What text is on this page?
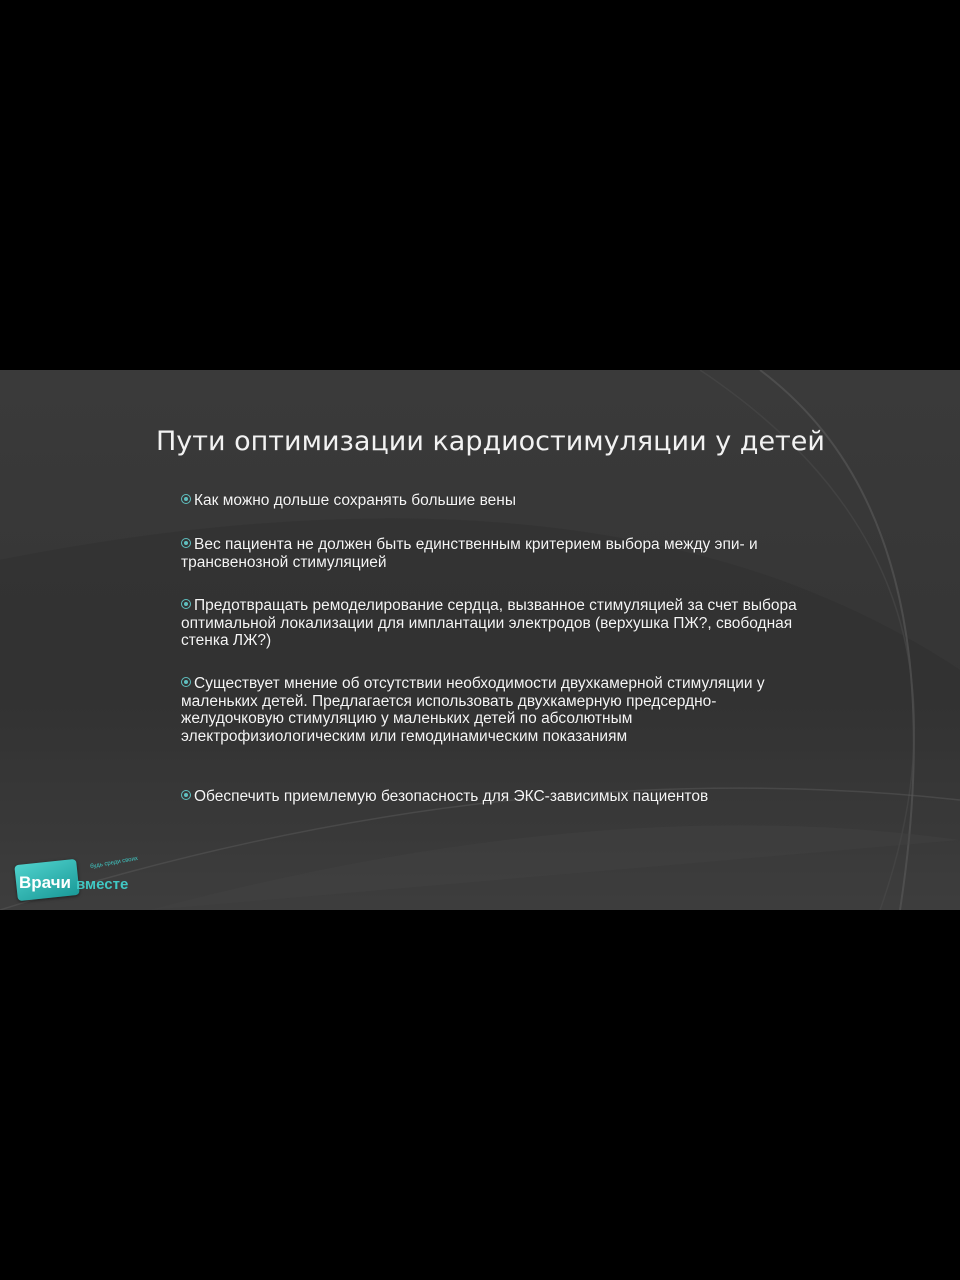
Пути оптимизации кардиостимуляции у детей
Как можно дольше сохранять большие вены
Вес пациента не должен быть единственным критерием выбора между эпи- и трансвенозной стимуляцией
Предотвращать ремоделирование сердца, вызванное стимуляцией за счет выбора оптимальной локализации для имплантации электродов (верхушка ПЖ?, свободная стенка ЛЖ?)
Существует мнение об отсутствии необходимости двухкамерной стимуляции у маленьких детей. Предлагается использовать двухкамерную предсердно-желудочковую стимуляцию у маленьких детей по абсолютным электрофизиологическим или гемодинамическим показаниям
Обеспечить приемлемую безопасность для ЭКС-зависимых пациентов
Врачи вместе
будь среди своих
